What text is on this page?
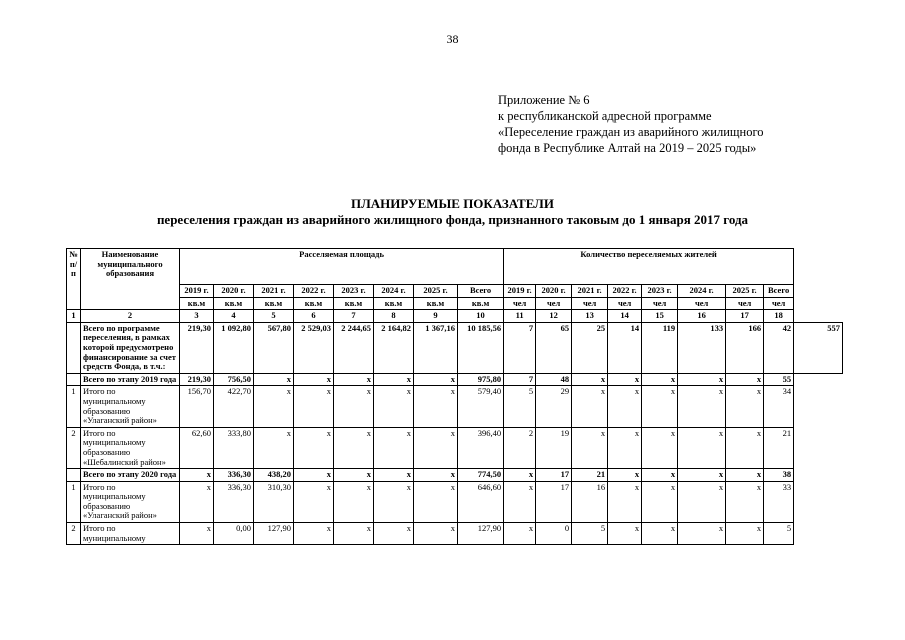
38
Приложение № 6
к республиканской адресной программе
«Переселение граждан из аварийного жилищного
фонда в Республике Алтай на 2019 – 2025 годы»
ПЛАНИРУЕМЫЕ ПОКАЗАТЕЛИ
переселения граждан из аварийного жилищного фонда, признанного таковым до 1 января 2017 года
№ п/ п	Наименование муниципального образования	Расселяемая площадь								Количество переселяемых жителей								
		2019 г.	2020 г.	2021 г.	2022 г.	2023 г.	2024 г.	2025 г.	Всего	2019 г.	2020 г.	2021 г.	2022 г.	2023 г.	2024 г.	2025 г.	Всего	
		кв.м	кв.м	кв.м	кв.м	кв.м	кв.м	кв.м	кв.м	чел	чел	чел	чел	чел	чел	чел	чел	
1	2	3	4	5	6	7	8	9	10	11	12	13	14	15	16	17	18	
	Всего по программе переселения, в рамках которой предусмотрено финансирование за счет средств Фонда, в т.ч.:	219,30	1 092,80	567,80	2 529,03	2 244,65	2 164,82	1 367,16	10 185,56	7	65	25	14	119	133	166	42	557
	Всего по этапу 2019 года	219,30	756,50	x	x	x	x	x	975,80	7	48	x	x	x	x	x	55	
1	Итого по муниципальному образованию «Улаганский район»	156,70	422,70	x	x	x	x	x	579,40	5	29	x	x	x	x	x	34	
2	Итого по муниципальному образованию «Шебалинский район»	62,60	333,80	x	x	x	x	x	396,40	2	19	x	x	x	x	x	21	
	Всего по этапу 2020 года	x	336,30	438,20	x	x	x	x	774,50	x	17	21	x	x	x	x	38	
1	Итого по муниципальному образованию «Улаганский район»	x	336,30	310,30	x	x	x	x	646,60	x	17	16	x	x	x	x	33	
2	Итого по муниципальному	x	0,00	127,90	x	x	x	x	127,90	x	0	5	x	x	x	x	5	
